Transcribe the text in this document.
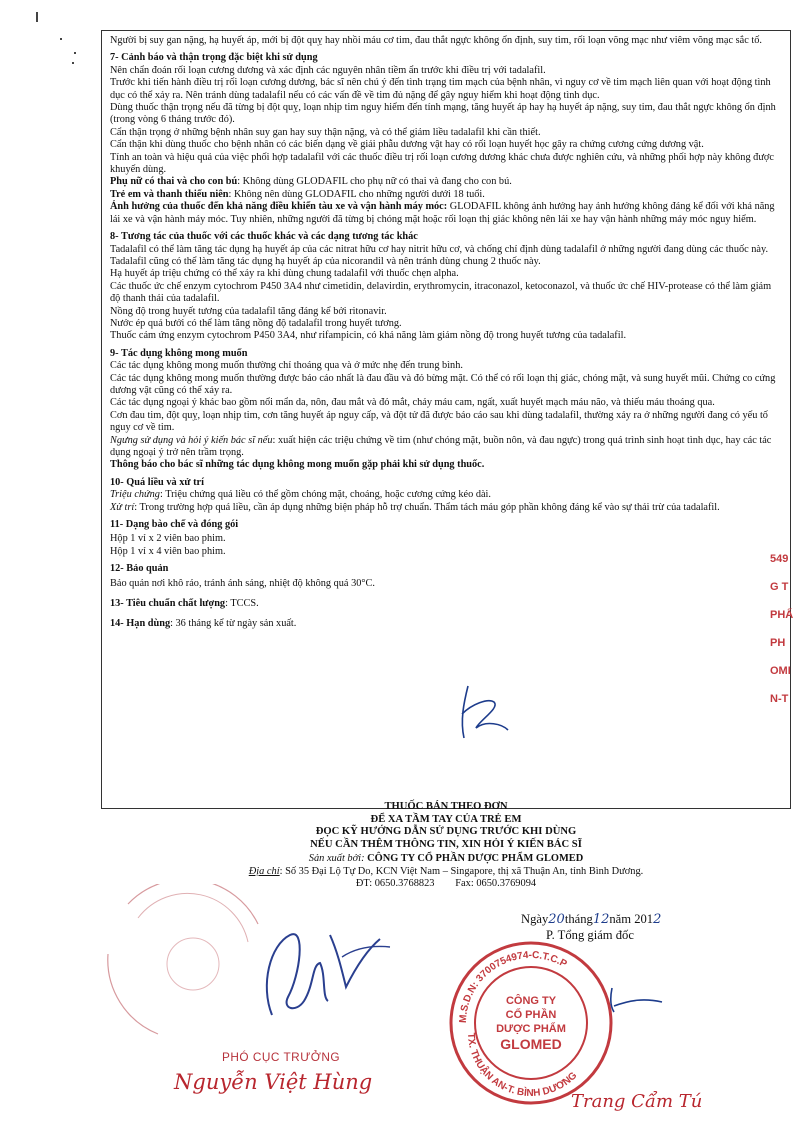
Người bị suy gan nặng, hạ huyết áp, mới bị đột quỵ hay nhồi máu cơ tim, đau thắt ngực không ổn định, suy tim, rối loạn võng mạc như viêm võng mạc sắc tố.

7- Cảnh báo và thận trọng đặc biệt khi sử dụng

Nên chẩn đoán rối loạn cương dương và xác định các nguyên nhân tiềm ẩn trước khi điều trị với tadalafil.

Trước khi tiến hành điều trị rối loạn cương dương, bác sĩ nên chú ý đến tình trạng tim mạch của bệnh nhân, vì nguy cơ về tim mạch liên quan với hoạt động tình dục có thể xảy ra. Nên tránh dùng tadalafil nếu có các vấn đề về tim đủ nặng để gây nguy hiểm khi hoạt động tình dục.

Dùng thuốc thận trọng nếu đã từng bị đột quỵ, loạn nhịp tim nguy hiểm đến tính mạng, tăng huyết áp hay hạ huyết áp nặng, suy tim, đau thắt ngực không ổn định (trong vòng 6 tháng trước đó).

Cẩn thận trọng ở những bệnh nhân suy gan hay suy thận nặng, và có thể giảm liều tadalafil khi cần thiết.

Cẩn thận khi dùng thuốc cho bệnh nhân có các biến dạng về giải phẫu dương vật hay có rối loạn huyết học gây ra chứng cương cứng dương vật.

Tính an toàn và hiệu quả của việc phối hợp tadalafil với các thuốc điều trị rối loạn cương dương khác chưa được nghiên cứu, và những phối hợp này không được khuyến dùng.

Phụ nữ có thai và cho con bú: Không dùng GLODAFIL cho phụ nữ có thai và đang cho con bú.

Trẻ em và thanh thiếu niên: Không nên dùng GLODAFIL cho những người dưới 18 tuổi.

Ảnh hưởng của thuốc đến khả năng điều khiển tàu xe và vận hành máy móc: GLODAFIL không ảnh hưởng hay ảnh hưởng không đáng kể đối với khả năng lái xe và vận hành máy móc. Tuy nhiên, những người đã từng bị chóng mặt hoặc rối loạn thị giác không nên lái xe hay vận hành những máy móc nguy hiểm.

8- Tương tác của thuốc với các thuốc khác và các dạng tương tác khác

Tadalafil có thể làm tăng tác dụng hạ huyết áp của các nitrat hữu cơ hay nitrit hữu cơ, và chống chỉ định dùng tadalafil ở những người đang dùng các thuốc này.

Tadalafil cũng có thể làm tăng tác dụng hạ huyết áp của nicorandil và nên tránh dùng chung 2 thuốc này.

Hạ huyết áp triệu chứng có thể xảy ra khi dùng chung tadalafil với thuốc chẹn alpha.

Các thuốc ức chế enzym cytochrom P450 3A4 như cimetidin, delavirdin, erythromycin, itraconazol, ketoconazol, và thuốc ức chế HIV-protease có thể làm giảm độ thanh thải của tadalafil.

Nồng độ trong huyết tương của tadalafil tăng đáng kể bởi ritonavir.

Nước ép quả bưởi có thể làm tăng nồng độ tadalafil trong huyết tương.

Thuốc cảm ứng enzym cytochrom P450 3A4, như rifampicin, có khả năng làm giảm nồng độ trong huyết tương của tadalafil.

9- Tác dụng không mong muốn

Các tác dụng không mong muốn thường chỉ thoáng qua và ở mức nhẹ đến trung bình.

Các tác dụng không mong muốn thường được báo cáo nhất là đau đầu và đỏ bừng mặt. Có thể có rối loạn thị giác, chóng mặt, và sung huyết mũi. Chứng co cứng dương vật cũng có thể xảy ra.

Các tác dụng ngoại ý khác bao gồm nổi mẩn da, nôn, đau mắt và đỏ mắt, chảy máu cam, ngất, xuất huyết mạch máu não, và thiếu máu thoáng qua.

Cơn đau tim, đột quỵ, loạn nhịp tim, cơn tăng huyết áp nguy cấp, và đột tử đã được báo cáo sau khi dùng tadalafil, thường xảy ra ở những người đang có yếu tố nguy cơ về tim.

Ngưng sử dụng và hỏi ý kiến bác sĩ nếu: xuất hiện các triệu chứng về tim (như chóng mặt, buồn nôn, và đau ngực) trong quá trình sinh hoạt tình dục, hay các tác dụng ngoại ý trở nên trầm trọng.

Thông báo cho bác sĩ những tác dụng không mong muốn gặp phải khi sử dụng thuốc.

10- Quá liều và xử trí

Triệu chứng: Triệu chứng quá liều có thể gồm chóng mặt, choáng, hoặc cương cứng kéo dài.

Xử trí: Trong trường hợp quá liều, cần áp dụng những biện pháp hỗ trợ chuẩn. Thẩm tách máu góp phần không đáng kể vào sự thải trừ của tadalafil.

11- Dạng bào chế và đóng gói

Hộp 1 vỉ x 2 viên bao phim.

Hộp 1 vỉ x 4 viên bao phim.

12- Bảo quản

Bảo quản nơi khô ráo, tránh ánh sáng, nhiệt độ không quá 30°C.

13- Tiêu chuẩn chất lượng: TCCS.

14- Hạn dùng: 36 tháng kể từ ngày sản xuất.

THUỐC BÁN THEO ĐƠN
ĐỂ XA TẦM TAY CỦA TRẺ EM
ĐỌC KỸ HƯỚNG DẪN SỬ DỤNG TRƯỚC KHI DÙNG
NẾU CẦN THÊM THÔNG TIN, XIN HỎI Ý KIẾN BÁC SĨ
Sản xuất bởi: CÔNG TY CỔ PHẦN DƯỢC PHẨM GLOMED
Địa chỉ: Số 35 Đại Lộ Tự Do, KCN Việt Nam – Singapore, thị xã Thuận An, tỉnh Bình Dương.
ĐT: 0650.3768823 Fax: 0650.3769094
Ngày20tháng12năm 2012
P. Tổng giám đốc
PHÓ CỤC TRƯỞNG
Nguyễn Việt Hùng
M.S.D.N: 3700754974-C.T.C.P
TX. THUẬN AN-T. BÌNH DƯƠNG
CÔNG TY
CỔ PHẦN
DƯỢC PHẨM
GLOMED
Trang Cẩm Tú
549
G T
PHẨ
PH
OMI
N-T
